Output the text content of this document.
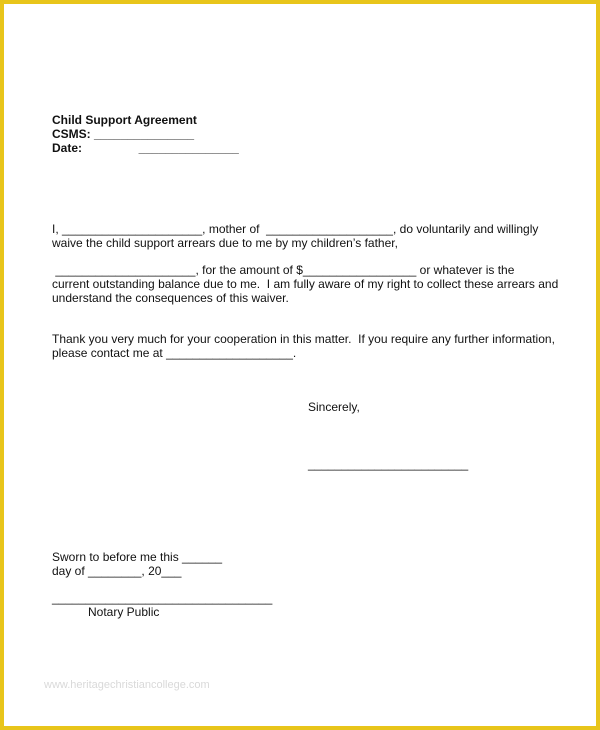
Child Support Agreement
CSMS: _______________
Date:                 _______________
I, _____________________, mother of  ___________________, do voluntarily and willingly
waive the child support arrears due to me by my children’s father,
_____________________, for the amount of $_________________ or whatever is the
current outstanding balance due to me.  I am fully aware of my right to collect these arrears and
understand the consequences of this waiver.
Thank you very much for your cooperation in this matter.  If you require any further information,
please contact me at ___________________.
Sincerely,
________________________
Sworn to before me this ______
day of ________, 20___
_________________________________
Notary Public
www.heritagechristiancollege.com
